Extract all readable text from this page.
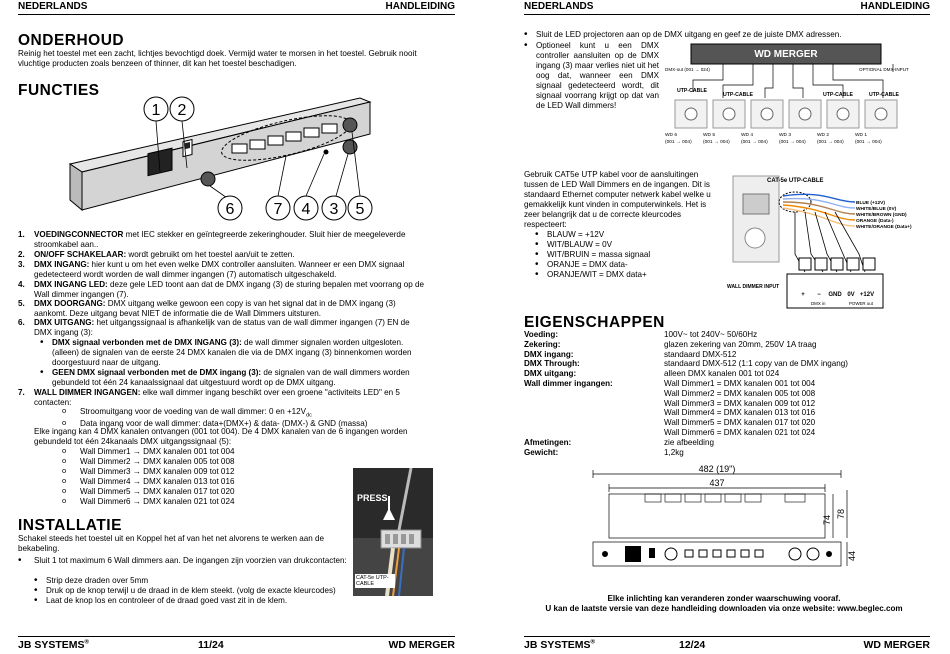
NEDERLANDS	HANDLEIDING
ONDERHOUD
Reinig het toestel met een zacht, lichtjes bevochtigd doek. Vermijd water te morsen in het toestel. Gebruik nooit vluchtige producten zoals benzeen of thinner, dit kan het toestel beschadigen.
FUNCTIES
1 2
6 7 4 3 5
1. VOEDINGCONNECTOR met IEC stekker en geïntegreerde zekeringhouder. Sluit hier de meegeleverde stroomkabel aan..
2. ON/OFF SCHAKELAAR: wordt gebruikt om het toestel aan/uit te zetten.
3. DMX INGANG: hier kunt u om het even welke DMX controller aansluiten. Wanneer er een DMX signaal gedetecteerd wordt worden de wall dimmer ingangen (7) automatisch uitgeschakeld.
4. DMX INGANG LED: deze gele LED toont aan dat de DMX ingang (3) de sturing bepalen met voorrang op de Wall dimmer ingangen (7).
5. DMX DOORGANG: DMX uitgang welke gewoon een copy is van het signal dat in de DMX ingang (3) aankomt. Deze uitgang bevat NIET de informatie die de Wall Dimmers uitsturen.
6. DMX UITGANG: het uitgangssignaal is afhankelijk van de status van de wall dimmer ingangen (7) EN de DMX ingang (3):
• DMX signaal verbonden met de DMX INGANG (3): de wall dimmer signalen worden uitgesloten. (alleen) de signalen van de eerste 24 DMX kanalen die via de DMX ingang (3) binnenkomen worden doorgestuurd naar de uitgang.
• GEEN DMX signaal verbonden met de DMX ingang (3): de signalen van de wall dimmers worden gebundeld tot één 24 kanaalssignaal dat uitgestuurd wordt op de DMX uitgang.
7. WALL DIMMER INGANGEN: elke wall dimmer ingang beschikt over een groene "activiteits LED" en 5 contacten:
o Stroomuitgang voor de voeding van de wall dimmer: 0 en $+12V_{dc}$
o Data ingang voor de wall dimmer: data+(DMX+) & data- (DMX-) & GND (massa)
Elke ingang kan 4 DMX kanalen ontvangen (001 tot 004). De 4 DMX kanalen van de 6 ingangen worden gebundeld tot één 24kanaals DMX uitgangssignaal (5):
o Wall Dimmer1 → DMX kanalen 001 tot 004
o Wall Dimmer2 → DMX kanalen 005 tot 008
o Wall Dimmer3 → DMX kanalen 009 tot 012
o Wall Dimmer4 → DMX kanalen 013 tot 016
o Wall Dimmer5 → DMX kanalen 017 tot 020
o Wall Dimmer6 → DMX kanalen 021 tot 024
INSTALLATIE
Schakel steeds het toestel uit en Koppel het af van het net alvorens te werken aan de bekabeling.
• Sluit 1 tot maximum 6 Wall dimmers aan. De ingangen zijn voorzien van drukcontacten:
• Strip deze draden over 5mm
• Druk op de knop terwijl u de draad in de klem steekt. (volg de exacte kleurcodes)
• Laat de knop los en controleer of de draad goed vast zit in de klem.
PRESS
CAT-5e UTP-CABLE
JB SYSTEMS®	11/24	WD MERGER
NEDERLANDS	HANDLEIDING
• Sluit de LED projectoren aan op de DMX uitgang en geef ze de juiste DMX adressen.
• Optioneel kunt u een DMX controller aansluiten op de DMX ingang (3) maar verlies niet uit het oog dat, wanneer een DMX signaal gedetecteerd wordt, dit signaal voorrang krijgt op dat van de LED Wall dimmers!
WD MERGER
DMX-out (001 → 024)	OPTIONAL DMX-INPUT
UTP-CABLE
UTP-CABLE	UTP-CABLE	UTP-CABLE
WD 6	WD 5	WD 4	WD 3	WD 2	WD 1
(001 → 004) (001 → 004) (001 → 004) (001 → 004) (001 → 004) (001 → 004)
Gebruik CAT5e UTP kabel voor de aansluitingen tussen de LED Wall Dimmers en de ingangen. Dit is standaard Ethernet computer netwerk kabel welke u gemakkelijk kunt vinden in computerwinkels. Het is zeer belangrijk dat u de correcte kleurcodes respecteert:
• BLAUW = +12V
• WIT/BLAUW = 0V
• WIT/BRUIN = massa signaal
• ORANJE = DMX data-
• ORANJE/WIT = DMX data+
CAT-5e UTP-CABLE
BLUE (+12V)
WHITE/BLUE (0V)
WHITE/BROWN (GND)
ORANGE (Data-)
WHITE/ORANGE (Data+)
WALL DIMMER INPUT
+ − GND 0V +12V
DMX in	POWER out
EIGENSCHAPPEN
Voeding:	100V~ tot 240V~ 50/60Hz
Zekering:	glazen zekering van 20mm, 250V 1A traag
DMX ingang:	standaard DMX-512
DMX Through:	standaard DMX-512 (1:1 copy van de DMX ingang)
DMX uitgang:	alleen DMX kanalen 001 tot 024
Wall dimmer ingangen:	Wall Dimmer1 = DMX kanalen 001 tot 004
Wall Dimmer2 = DMX kanalen 005 tot 008
Wall Dimmer3 = DMX kanalen 009 tot 012
Wall Dimmer4 = DMX kanalen 013 tot 016
Wall Dimmer5 = DMX kanalen 017 tot 020
Wall Dimmer6 = DMX kanalen 021 tot 024
Afmetingen:	zie afbeelding
Gewicht:	1,2kg
482 (19")
437
74
78
44
Elke inlichting kan veranderen zonder waarschuwing vooraf.
U kan de laatste versie van deze handleiding downloaden via onze website: www.beglec.com
JB SYSTEMS®	12/24	WD MERGER
